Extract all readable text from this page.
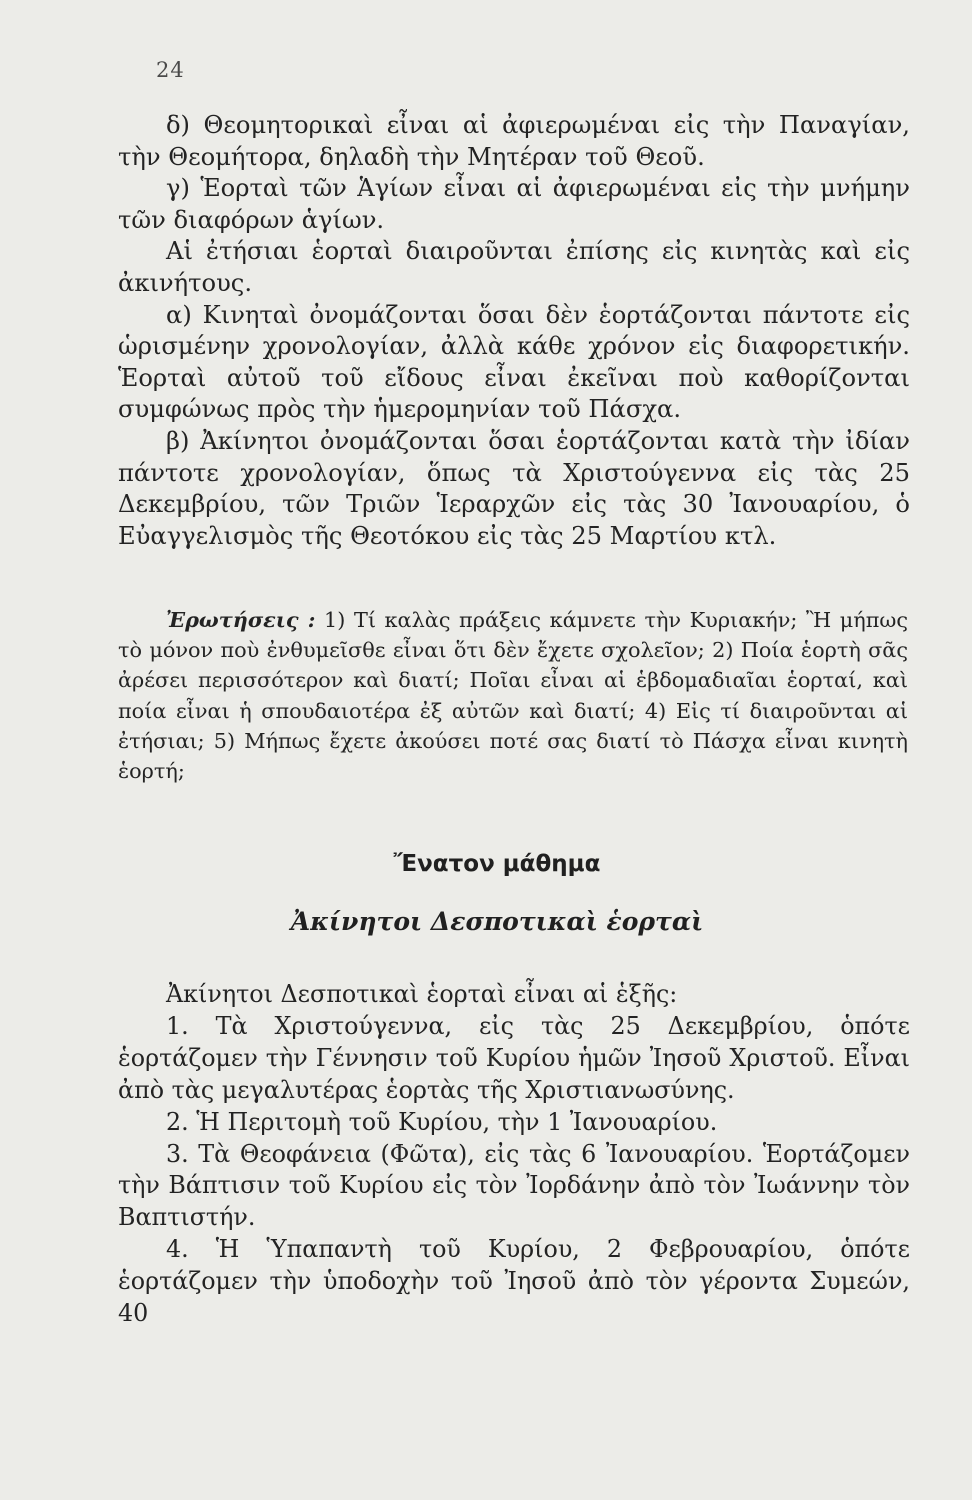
24

δ) Θεομητορικαὶ εἶναι αἱ ἀφιερωμέναι εἰς τὴν Παναγίαν, τὴν Θεομήτορα, δηλαδὴ τὴν Μητέραν τοῦ Θεοῦ.

γ) Ἑορταὶ τῶν Ἁγίων εἶναι αἱ ἀφιερωμέναι εἰς τὴν μνήμην τῶν διαφόρων ἁγίων.

Αἱ ἐτήσιαι ἑορταὶ διαιροῦνται ἐπίσης εἰς κινητὰς καὶ εἰς ἀκινήτους.

α) Κινηταὶ ὀνομάζονται ὅσαι δὲν ἑορτάζονται πάντοτε εἰς ὡρισμένην χρονολογίαν, ἀλλὰ κάθε χρόνον εἰς διαφορετικήν. Ἑορταὶ αὐτοῦ τοῦ εἴδους εἶναι ἐκεῖναι ποὺ καθορίζονται συμφώνως πρὸς τὴν ἡμερομηνίαν τοῦ Πάσχα.

β) Ἀκίνητοι ὀνομάζονται ὅσαι ἑορτάζονται κατὰ τὴν ἰδίαν πάντοτε χρονολογίαν, ὅπως τὰ Χριστούγεννα εἰς τὰς 25 Δεκεμβρίου, τῶν Τριῶν Ἱεραρχῶν εἰς τὰς 30 Ἰανουαρίου, ὁ Εὐαγγελισμὸς τῆς Θεοτόκου εἰς τὰς 25 Μαρτίου κτλ.

Ἐρωτήσεις : 1) Τί καλὰς πράξεις κάμνετε τὴν Κυριακήν; Ἢ μήπως τὸ μόνον ποὺ ἐνθυμεῖσθε εἶναι ὅτι δὲν ἔχετε σχολεῖον; 2) Ποία ἑορτὴ σᾶς ἀρέσει περισσότερον καὶ διατί; Ποῖαι εἶναι αἱ ἑβδομαδιαῖαι ἑορταί, καὶ ποία εἶναι ἡ σπουδαιοτέρα ἐξ αὐτῶν καὶ διατί; 4) Εἰς τί διαιροῦνται αἱ ἐτήσιαι; 5) Μήπως ἔχετε ἀκούσει ποτέ σας διατί τὸ Πάσχα εἶναι κινητὴ ἑορτή;

Ἔνατον μάθημα
Ἀκίνητοι Δεσποτικαὶ ἑορταὶ

Ἀκίνητοι Δεσποτικαὶ ἑορταὶ εἶναι αἱ ἑξῆς:

1. Τὰ Χριστούγεννα, εἰς τὰς 25 Δεκεμβρίου, ὁπότε ἑορτάζομεν τὴν Γέννησιν τοῦ Κυρίου ἡμῶν Ἰησοῦ Χριστοῦ. Εἶναι ἀπὸ τὰς μεγαλυτέρας ἑορτὰς τῆς Χριστιανωσύνης.

2. Ἡ Περιτομὴ τοῦ Κυρίου, τὴν 1 Ἰανουαρίου.

3. Τὰ Θεοφάνεια (Φῶτα), εἰς τὰς 6 Ἰανουαρίου. Ἑορτάζομεν τὴν Βάπτισιν τοῦ Κυρίου εἰς τὸν Ἰορδάνην ἀπὸ τὸν Ἰωάννην τὸν Βαπτιστήν.

4. Ἡ Ὑπαπαντὴ τοῦ Κυρίου, 2 Φεβρουαρίου, ὁπότε ἑορτάζομεν τὴν ὑποδοχὴν τοῦ Ἰησοῦ ἀπὸ τὸν γέροντα Συμεών, 40
